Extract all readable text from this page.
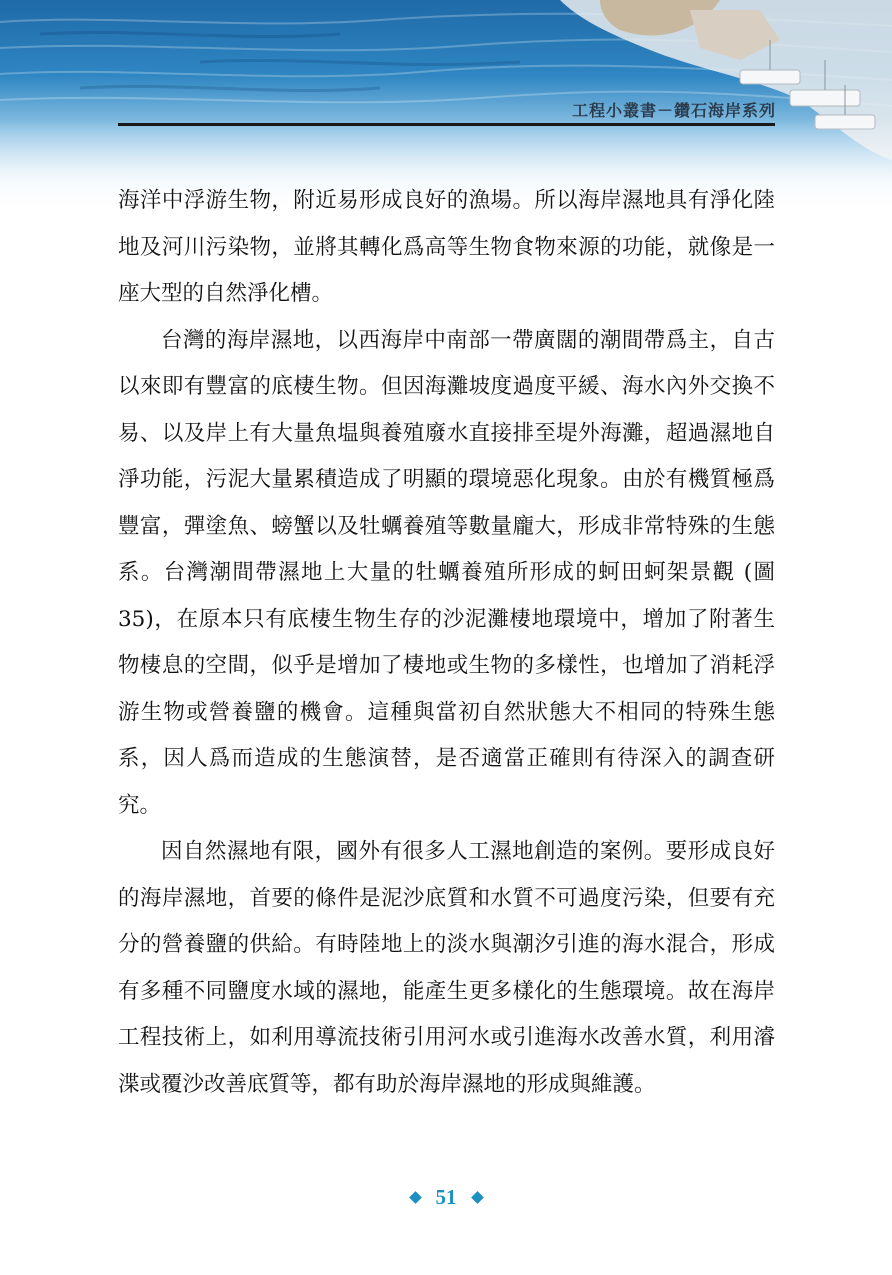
工程小叢書－鑽石海岸系列

海洋中浮游生物，附近易形成良好的漁場。所以海岸濕地具有淨化陸地及河川污染物，並將其轉化爲高等生物食物來源的功能，就像是一座大型的自然淨化槽。

台灣的海岸濕地，以西海岸中南部一帶廣闊的潮間帶爲主，自古以來即有豐富的底棲生物。但因海灘坡度過度平緩、海水內外交換不易、以及岸上有大量魚塭與養殖廢水直接排至堤外海灘，超過濕地自淨功能，污泥大量累積造成了明顯的環境惡化現象。由於有機質極爲豐富，彈塗魚、螃蟹以及牡蠣養殖等數量龐大，形成非常特殊的生態系。台灣潮間帶濕地上大量的牡蠣養殖所形成的蚵田蚵架景觀 (圖 35)，在原本只有底棲生物生存的沙泥灘棲地環境中，增加了附著生物棲息的空間，似乎是增加了棲地或生物的多樣性，也增加了消耗浮游生物或營養鹽的機會。這種與當初自然狀態大不相同的特殊生態系，因人爲而造成的生態演替，是否適當正確則有待深入的調查研究。

因自然濕地有限，國外有很多人工濕地創造的案例。要形成良好的海岸濕地，首要的條件是泥沙底質和水質不可過度污染，但要有充分的營養鹽的供給。有時陸地上的淡水與潮汐引進的海水混合，形成有多種不同鹽度水域的濕地，能產生更多樣化的生態環境。故在海岸工程技術上，如利用導流技術引用河水或引進海水改善水質，利用濬渫或覆沙改善底質等，都有助於海岸濕地的形成與維護。

51
